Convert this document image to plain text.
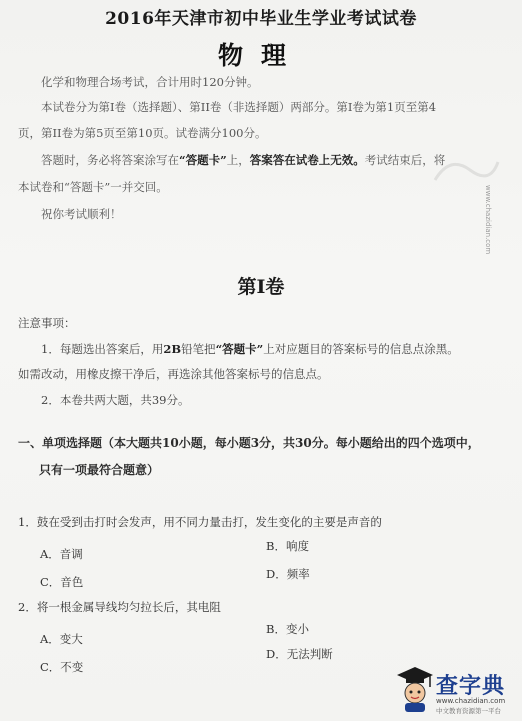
2016年天津市初中毕业生学业考试试卷
物理
化学和物理合场考试，合计用时120分钟。
本试卷分为第I卷（选择题）、第II卷（非选择题）两部分。第I卷为第1页至第4
页，第II卷为第5页至第10页。试卷满分100分。
答题时，务必将答案涂写在“答题卡”上，答案答在试卷上无效。考试结束后，将
本试卷和“答题卡”一并交回。
祝你考试顺利！
第I卷
注意事项：
1．每题选出答案后，用2B铅笔把“答题卡”上对应题目的答案标号的信息点涂黑。
如需改动，用橡皮擦干净后，再选涂其他答案标号的信息点。
2．本卷共两大题，共39分。
一、单项选择题（本大题共10小题，每小题3分，共30分。每小题给出的四个选项中，
只有一项最符合题意）
1．鼓在受到击打时会发声，用不同力量击打，发生变化的主要是声音的
A．音调
B．响度
C．音色
D．频率
2．将一根金属导线均匀拉长后，其电阻
A．变大
B．变小
C．不变
D．无法判断
www.chazidian.com
查字典
www.chazidian.com
中文教育资源第一平台
